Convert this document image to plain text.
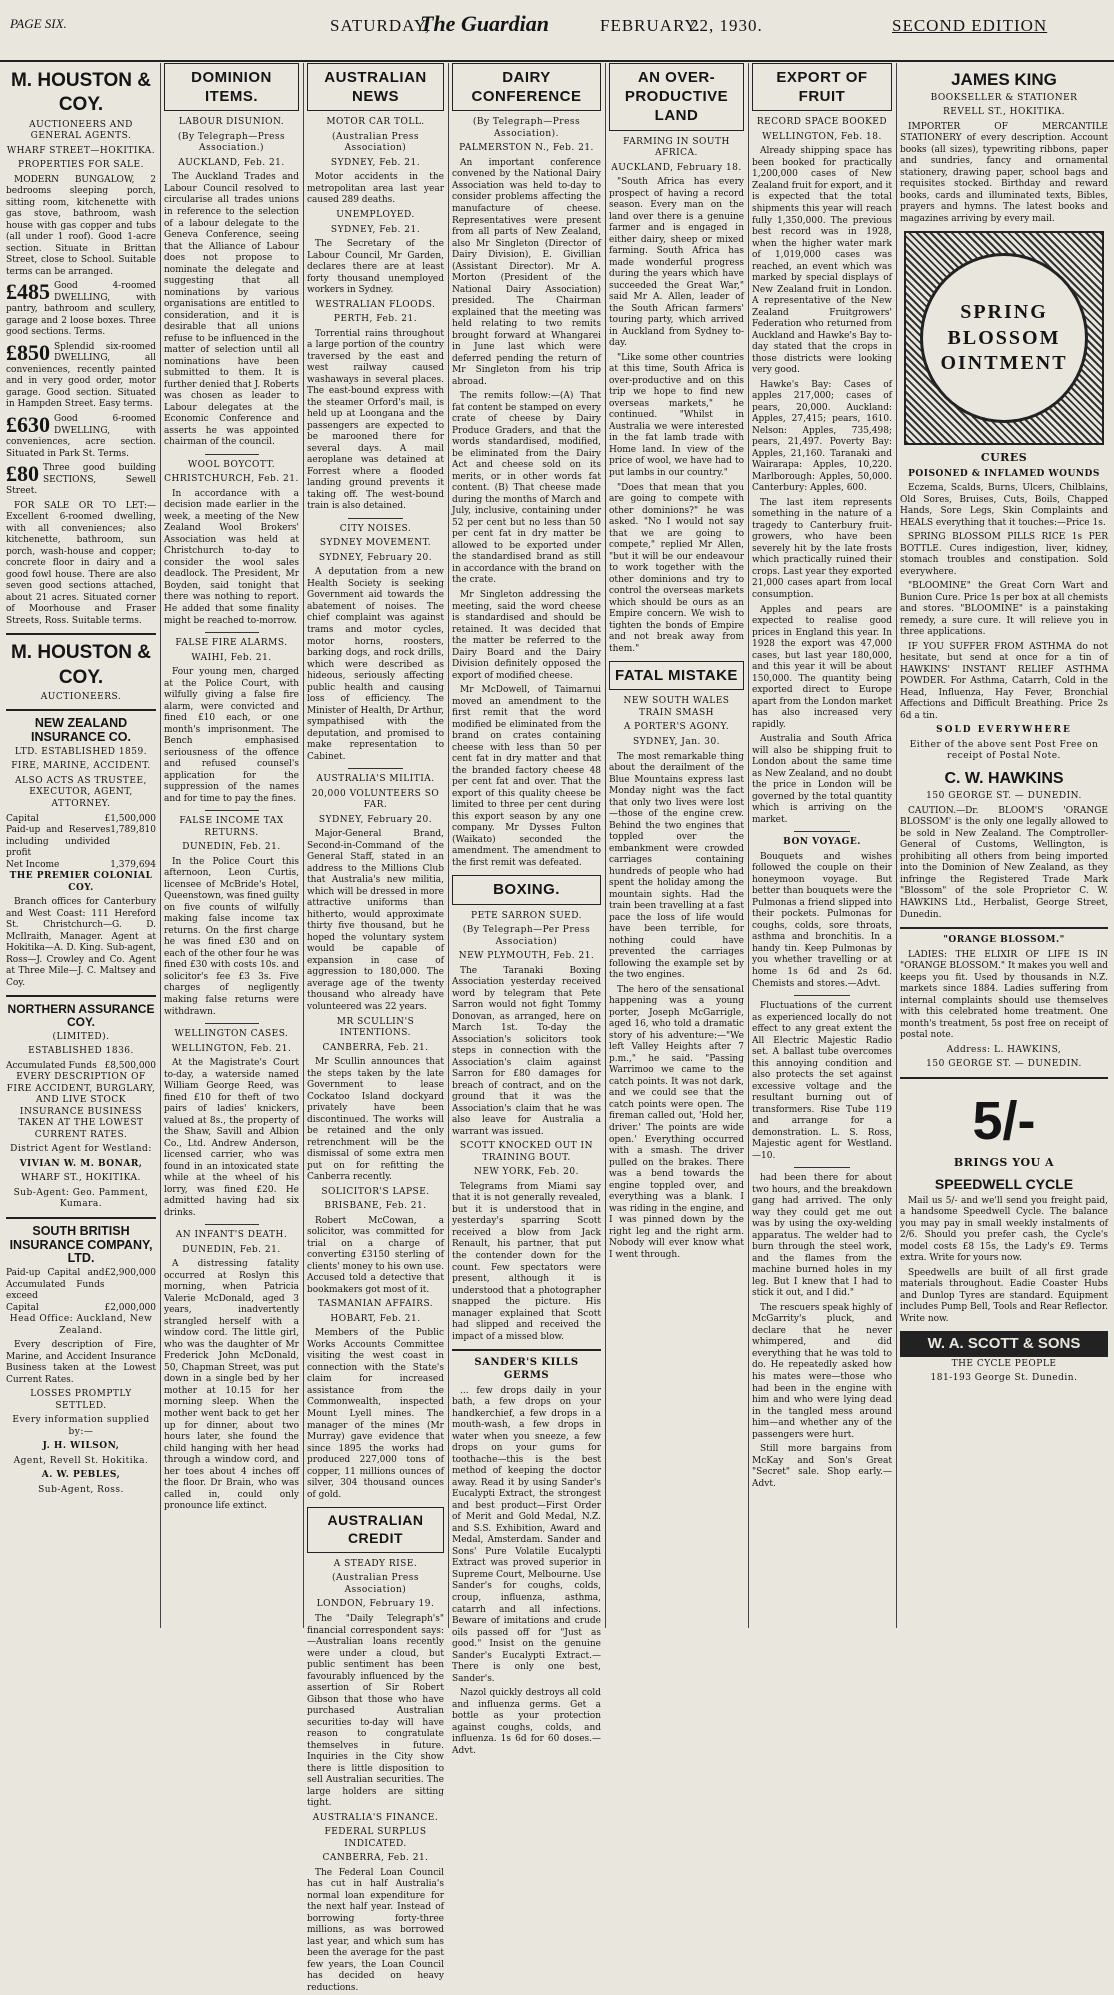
PAGE SIX.	SATURDAY,
The Guardian	FEBRUARY.
22, 1930.	SECOND EDITION
M. HOUSTON & COY.

AUCTIONEERS AND GENERAL AGENTS.

WHARF STREET—HOKITIKA.

PROPERTIES FOR SALE.

MODERN BUNGALOW, 2 bedrooms sleeping porch, sitting room, kitchenette with gas stove, bathroom, wash house with gas copper and tubs (all under 1 roof). Good 1-acre section. Situate in Brittan Street, close to School. Suitable terms can be arranged.

£485 Good 4-roomed DWELLING, with pantry, bathroom and scullery, garage and 2 loose boxes. Three good sections. Terms.

£850 Splendid six-roomed DWELLING, all conveniences, recently painted and in very good order, motor garage. Good section. Situated in Hampden Street. Easy terms.

£630 Good 6-roomed DWELLING, with conveniences, acre section. Situated in Park St. Terms.

£80 Three good building SECTIONS, Sewell Street.

FOR SALE OR TO LET:—Excellent 6-roomed dwelling, with all conveniences; also kitchenette, bathroom, sun porch, wash-house and copper; concrete floor in dairy and a good fowl house. There are also seven good sections attached, about 21 acres. Situated corner of Moorhouse and Fraser Streets, Ross. Suitable terms.

M. HOUSTON & COY.

AUCTIONEERS.

NEW ZEALAND INSURANCE CO.

LTD. ESTABLISHED 1859.

FIRE, MARINE, ACCIDENT.

ALSO ACTS AS TRUSTEE, EXECUTOR, AGENT, ATTORNEY.

Capital	£1,500,000
Paid-up and Reserves including undivided profit
1,789,810
Net Income	1,379,694

THE PREMIER COLONIAL COY.

Branch offices for Canterbury and West Coast: 111 Hereford St. Christchurch—G. D. McIlraith, Manager. Agent at Hokitika—A. D. King. Sub-agent, Ross—J. Crowley and Co. Agent at Three Mile—J. C. Maltsey and Coy.

NORTHERN ASSURANCE COY.

(LIMITED).

ESTABLISHED 1836.

Accumulated Funds £8,500,000

EVERY DESCRIPTION OF FIRE ACCIDENT, BURGLARY, AND LIVE STOCK INSURANCE BUSINESS TAKEN AT THE LOWEST CURRENT RATES.

District Agent for Westland:

VIVIAN W. M. BONAR,

WHARF ST., HOKITIKA.

Sub-Agent: Geo. Pamment, Kumara.

SOUTH BRITISH INSURANCE COMPANY, LTD.
Paid-up Capital and Accumulated Funds exceed
£2,900,000
Capital	£2,000,000

Head Office: Auckland, New Zealand.

Every description of Fire, Marine, and Accident Insurance Business taken at the Lowest Current Rates.

LOSSES PROMPTLY SETTLED.

Every information supplied by:—

J. H. WILSON,

Agent, Revell St. Hokitika.

A. W. PEBLES,

Sub-Agent, Ross.

DOMINION ITEMS.

LABOUR DISUNION.

(By Telegraph—Press Association.)

AUCKLAND, Feb. 21.

The Auckland Trades and Labour Council resolved to circularise all trades unions in reference to the selection of a labour delegate to the Geneva Conference, seeing that the Alliance of Labour does not propose to nominate the delegate and suggesting that all nominations by various organisations are entitled to consideration, and it is desirable that all unions refuse to be influenced in the matter of selection until all nominations have been submitted to them. It is further denied that J. Roberts was chosen as leader to Labour delegates at the Economic Conference and asserts he was appointed chairman of the council.

WOOL BOYCOTT.

CHRISTCHURCH, Feb. 21.

In accordance with a decision made earlier in the week, a meeting of the New Zealand Wool Brokers' Association was held at Christchurch to-day to consider the wool sales deadlock. The President, Mr Boyden, said tonight that there was nothing to report. He added that some finality might be reached to-morrow.

FALSE FIRE ALARMS.

WAIHI, Feb. 21.

Four young men, charged at the Police Court, with wilfully giving a false fire alarm, were convicted and fined £10 each, or one month's imprisonment. The Bench emphasised seriousness of the offence and refused counsel's application for the suppression of the names and for time to pay the fines.

FALSE INCOME TAX RETURNS.

DUNEDIN, Feb. 21.

In the Police Court this afternoon, Leon Curtis, licensee of McBride's Hotel, Queenstown, was fined guilty on five counts of wilfully making false income tax returns. On the first charge he was fined £30 and on each of the other four he was fined £30 with costs 10s. and solicitor's fee £3 3s. Five charges of negligently making false returns were withdrawn.

WELLINGTON CASES.

WELLINGTON, Feb. 21.

At the Magistrate's Court to-day, a waterside named William George Reed, was fined £10 for theft of two pairs of ladies' knickers, valued at 8s., the property of the Shaw, Savill and Albion Co., Ltd. Andrew Anderson, licensed carrier, who was found in an intoxicated state while at the wheel of his lorry, was fined £20. He admitted having had six drinks.

AN INFANT'S DEATH.

DUNEDIN, Feb. 21.

A distressing fatality occurred at Roslyn this morning, when Patricia Valerie McDonald, aged 3 years, inadvertently strangled herself with a window cord. The little girl, who was the daughter of Mr Frederick John McDonald, 50, Chapman Street, was put down in a single bed by her mother at 10.15 for her morning sleep. When the mother went back to get her up for dinner, about two hours later, she found the child hanging with her head through a window cord, and her toes about 4 inches off the floor. Dr Brain, who was called in, could only pronounce life extinct.

AUSTRALIAN NEWS

MOTOR CAR TOLL.

(Australian Press Association)

SYDNEY, Feb. 21.

Motor accidents in the metropolitan area last year caused 289 deaths.

UNEMPLOYED.

SYDNEY, Feb. 21.

The Secretary of the Labour Council, Mr Garden, declares there are at least forty thousand unemployed workers in Sydney.

WESTRALIAN FLOODS.

PERTH, Feb. 21.

Torrential rains throughout a large portion of the country traversed by the east and west railway caused washaways in several places. The east-bound express with the steamer Orford's mail, is held up at Loongana and the passengers are expected to be marooned there for several days. A mail aeroplane was detained at Forrest where a flooded landing ground prevents it taking off. The west-bound train is also detained.

CITY NOISES.

SYDNEY MOVEMENT.

SYDNEY, February 20.

A deputation from a new Health Society is seeking Government aid towards the abatement of noises. The chief complaint was against trams and motor cycles, motor horns, roosters, barking dogs, and rock drills, which were described as hideous, seriously affecting public health and causing loss of efficiency. The Minister of Health, Dr Arthur, sympathised with the deputation, and promised to make representation to Cabinet.

AUSTRALIA'S MILITIA.

20,000 VOLUNTEERS SO FAR.

SYDNEY, February 20.

Major-General Brand, Second-in-Command of the General Staff, stated in an address to the Millions Club that Australia's new militia, which will be dressed in more attractive uniforms than hitherto, would approximate thirty five thousand, but he hoped the voluntary system would be capable of expansion in case of aggression to 180,000. The average age of the twenty thousand who already have volunteered was 22 years.

MR SCULLIN'S INTENTIONS.

CANBERRA, Feb. 21.

Mr Scullin announces that the steps taken by the late Government to lease Cockatoo Island dockyard privately have been discontinued. The works will be retained and the only retrenchment will be the dismissal of some extra men put on for refitting the Canberra recently.

SOLICITOR'S LAPSE.

BRISBANE, Feb. 21.

Robert McCowan, a solicitor, was committed for trial on a charge of converting £3150 sterling of clients' money to his own use. Accused told a detective that bookmakers got most of it.

TASMANIAN AFFAIRS.

HOBART, Feb. 21.

Members of the Public Works Accounts Committee visiting the west coast in connection with the State's claim for increased assistance from the Commonwealth, inspected Mount Lyell mines. The manager of the mines (Mr Murray) gave evidence that since 1895 the works had produced 227,000 tons of copper, 11 millions ounces of silver, 304 thousand ounces of gold.

AUSTRALIAN CREDIT

A STEADY RISE.

(Australian Press Association)

LONDON, February 19.

The "Daily Telegraph's" financial correspondent says:—Australian loans recently were under a cloud, but public sentiment has been favourably influenced by the assertion of Sir Robert Gibson that those who have purchased Australian securities to-day will have reason to congratulate themselves in future. Inquiries in the City show there is little disposition to sell Australian securities. The large holders are sitting tight.

AUSTRALIA'S FINANCE.

FEDERAL SURPLUS INDICATED.

CANBERRA, Feb. 21.

The Federal Loan Council has cut in half Australia's normal loan expenditure for the next half year. Instead of borrowing forty-three millions, as was borrowed last year, and which sum has been the average for the past few years, the Loan Council has decided on heavy reductions.

DAIRY CONFERENCE

(By Telegraph—Press Association).

PALMERSTON N., Feb. 21.

An important conference convened by the National Dairy Association was held to-day to consider problems affecting the manufacture of cheese. Representatives were present from all parts of New Zealand, also Mr Singleton (Director of Dairy Division), E. Givillian (Assistant Director). Mr A. Morton (President of the National Dairy Association) presided. The Chairman explained that the meeting was held relating to two remits brought forward at Whangarei in June last which were deferred pending the return of Mr Singleton from his trip abroad.

The remits follow:—(A) That fat content be stamped on every crate of cheese by Dairy Produce Graders, and that the words standardised, modified, be eliminated from the Dairy Act and cheese sold on its merits, or in other words fat content. (B) That cheese made during the months of March and July, inclusive, containing under 52 per cent but no less than 50 per cent fat in dry matter be allowed to be exported under the standardised brand as still in accordance with the brand on the crate.

Mr Singleton addressing the meeting, said the word cheese is standardised and should be retained. It was decided that the matter be referred to the Dairy Board and the Dairy Division definitely opposed the export of modified cheese.

Mr McDowell, of Taimarnui moved an amendment to the first remit that the word modified be eliminated from the brand on crates containing cheese with less than 50 per cent fat in dry matter and that the branded factory cheese 48 per cent fat and over. That the export of this quality cheese be limited to three per cent during this export season by any one company. Mr Dysses Fulton (Waikato) seconded the amendment. The amendment to the first remit was defeated.

BOXING.

PETE SARRON SUED.

(By Telegraph—Per Press Association)

NEW PLYMOUTH, Feb. 21.

The Taranaki Boxing Association yesterday received word by telegram that Pete Sarron would not fight Tommy Donovan, as arranged, here on March 1st. To-day the Association's solicitors took steps in connection with the Association's claim against Sarron for £80 damages for breach of contract, and on the ground that it was the Association's claim that he was also leave for Australia a warrant was issued.

SCOTT KNOCKED OUT IN TRAINING BOUT.

NEW YORK, Feb. 20.

Telegrams from Miami say that it is not generally revealed, but it is understood that in yesterday's sparring Scott received a blow from Jack Renault, his partner, that put the contender down for the count. Few spectators were present, although it is understood that a photographer snapped the picture. His manager explained that Scott had slipped and received the impact of a missed blow.

SANDER'S KILLS GERMS

... few drops daily in your bath, a few drops on your handkerchief, a few drops in a mouth-wash, a few drops in water when you sneeze, a few drops on your gums for toothache—this is the best method of keeping the doctor away. Read it by using Sander's Eucalypti Extract, the strongest and best product—First Order of Merit and Gold Medal, N.Z. and S.S. Exhibition, Award and Medal, Amsterdam. Sander and Sons' Pure Volatile Eucalypti Extract was proved superior in Supreme Court, Melbourne. Use Sander's for coughs, colds, croup, influenza, asthma, catarrh and all infections. Beware of imitations and crude oils passed off for "Just as good." Insist on the genuine Sander's Eucalypti Extract.—There is only one best, Sander's.

Nazol quickly destroys all cold and influenza germs. Get a bottle as your protection against coughs, colds, and influenza. 1s 6d for 60 doses.—Advt.

AN OVER-PRODUCTIVE LAND

FARMING IN SOUTH AFRICA.

AUCKLAND, February 18.

"South Africa has every prospect of having a record season. Every man on the land over there is a genuine farmer and is engaged in either dairy, sheep or mixed farming. South Africa has made wonderful progress during the years which have succeeded the Great War," said Mr A. Allen, leader of the South African farmers' touring party, which arrived in Auckland from Sydney to-day.

"Like some other countries at this time, South Africa is over-productive and on this trip we hope to find new overseas markets," he continued. "Whilst in Australia we were interested in the fat lamb trade with Home land. In view of the price of wool, we have had to put lambs in our country."

"Does that mean that you are going to compete with other dominions?" he was asked. "No I would not say that we are going to compete," replied Mr Allen, "but it will be our endeavour to work together with the other dominions and try to control the overseas markets which should be ours as an Empire concern. We wish to tighten the bonds of Empire and not break away from them."

FATAL MISTAKE

NEW SOUTH WALES TRAIN SMASH

A PORTER'S AGONY.

SYDNEY, Jan. 30.

The most remarkable thing about the derailment of the Blue Mountains express last Monday night was the fact that only two lives were lost—those of the engine crew. Behind the two engines that toppled over the embankment were crowded carriages containing hundreds of people who had spent the holiday among the mountain sights. Had the train been travelling at a fast pace the loss of life would have been terrible, for nothing could have prevented the carriages following the example set by the two engines.

The hero of the sensational happening was a young porter, Joseph McGarrigle, aged 16, who told a dramatic story of his adventure:—"We left Valley Heights after 7 p.m.," he said. "Passing Warrimoo we came to the catch points. It was not dark, and we could see that the catch points were open. The fireman called out, 'Hold her, driver.' The points are wide open.' Everything occurred with a smash. The driver pulled on the brakes. There was a bend towards the engine toppled over, and everything was a blank. I was riding in the engine, and I was pinned down by the right leg and the right arm. Nobody will ever know what I went through.

EXPORT OF FRUIT

RECORD SPACE BOOKED

WELLINGTON, Feb. 18.

Already shipping space has been booked for practically 1,200,000 cases of New Zealand fruit for export, and it is expected that the total shipments this year will reach fully 1,350,000. The previous best record was in 1928, when the higher water mark of 1,019,000 cases was reached, an event which was marked by special displays of New Zealand fruit in London. A representative of the New Zealand Fruitgrowers' Federation who returned from Auckland and Hawke's Bay to-day stated that the crops in those districts were looking very good.

Hawke's Bay: Cases of apples 217,000; cases of pears, 20,000. Auckland: Apples, 27,415; pears, 1610. Nelson: Apples, 735,498; pears, 21,497. Poverty Bay: Apples, 21,160. Taranaki and Wairarapa: Apples, 10,220. Marlborough: Apples, 50,000. Canterbury: Apples, 600.

The last item represents something in the nature of a tragedy to Canterbury fruit-growers, who have been severely hit by the late frosts which practically ruined their crops. Last year they exported 21,000 cases apart from local consumption.

Apples and pears are expected to realise good prices in England this year. In 1928 the export was 47,000 cases, but last year 180,000, and this year it will be about 150,000. The quantity being exported direct to Europe apart from the London market has also increased very rapidly.

Australia and South Africa will also be shipping fruit to London about the same time as New Zealand, and no doubt the price in London will be governed by the total quantity which is arriving on the market.

BON VOYAGE.

Bouquets and wishes followed the couple on their honeymoon voyage. But better than bouquets were the Pulmonas a friend slipped into their pockets. Pulmonas for coughs, colds, sore throats, asthma and bronchitis. In a handy tin. Keep Pulmonas by you whether travelling or at home 1s 6d and 2s 6d. Chemists and stores.—Advt.

Fluctuations of the current as experienced locally do not effect to any great extent the All Electric Majestic Radio set. A ballast tube overcomes this annoying condition and also protects the set against excessive voltage and the resultant burning out of transformers. Rise Tube 119 and arrange for a demonstration. L. S. Ross, Majestic agent for Westland.—10.

had been there for about two hours, and the breakdown gang had arrived. The only way they could get me out was by using the oxy-welding apparatus. The welder had to burn through the steel work, and the flames from the machine burned holes in my leg. But I knew that I had to stick it out, and I did."

The rescuers speak highly of McGarrity's pluck, and declare that he never whimpered, and did everything that he was told to do. He repeatedly asked how his mates were—those who had been in the engine with him and who were lying dead in the tangled mess around him—and whether any of the passengers were hurt.

Still more bargains from McKay and Son's Great "Secret" sale. Shop early.—Advt.

JAMES KING

BOOKSELLER & STATIONER

REVELL ST., HOKITIKA.

IMPORTER OF MERCANTILE STATIONERY of every description. Account books (all sizes), typewriting ribbons, paper and sundries, fancy and ornamental stationery, drawing paper, school bags and requisites stocked. Birthday and reward books, cards and illuminated texts, Bibles, prayers and hymns. The latest books and magazines arriving by every mail.

SPRING BLOSSOM OINTMENT

CURES

POISONED & INFLAMED WOUNDS

Eczema, Scalds, Burns, Ulcers, Chilblains, Old Sores, Bruises, Cuts, Boils, Chapped Hands, Sore Legs, Skin Complaints and HEALS everything that it touches:—Price 1s.

SPRING BLOSSOM PILLS RICE 1s PER BOTTLE. Cures indigestion, liver, kidney, stomach troubles and constipation. Sold everywhere.

"BLOOMINE" the Great Corn Wart and Bunion Cure. Price 1s per box at all chemists and stores. "BLOOMINE" is a painstaking remedy, a sure cure. It will relieve you in three applications.

IF YOU SUFFER FROM ASTHMA do not hesitate, but send at once for a tin of HAWKINS' INSTANT RELIEF ASTHMA POWDER. For Asthma, Catarrh, Cold in the Head, Influenza, Hay Fever, Bronchial Affections and Difficult Breathing. Price 2s 6d a tin.

SOLD EVERYWHERE

Either of the above sent Post Free on receipt of Postal Note.

C. W. HAWKINS

150 GEORGE ST. — DUNEDIN.

CAUTION.—Dr. BLOOM'S 'ORANGE BLOSSOM' is the only one legally allowed to be sold in New Zealand. The Comptroller-General of Customs, Wellington, is prohibiting all others from being imported into the Dominion of New Zealand, as they infringe the Registered Trade Mark "Blossom" of the sole Proprietor C. W. HAWKINS Ltd., Herbalist, George Street, Dunedin.

"ORANGE BLOSSOM."

LADIES: THE ELIXIR OF LIFE IS IN "ORANGE BLOSSOM." It makes you well and keeps you fit. Used by thousands in N.Z. markets since 1884. Ladies suffering from internal complaints should use themselves with this celebrated home treatment. One month's treatment, 5s post free on receipt of postal note.

Address: L. HAWKINS,

150 GEORGE ST. — DUNEDIN.

5/-

BRINGS YOU A

SPEEDWELL CYCLE

Mail us 5/- and we'll send you freight paid, a handsome Speedwell Cycle. The balance you may pay in small weekly instalments of 2/6. Should you prefer cash, the Cycle's model costs £8 15s, the Lady's £9. Terms extra. Write for yours now.

Speedwells are built of all first grade materials throughout. Eadie Coaster Hubs and Dunlop Tyres are standard. Equipment includes Pump Bell, Tools and Rear Reflector. Write now.

W. A. SCOTT & SONS

THE CYCLE PEOPLE

181-193 George St. Dunedin.
